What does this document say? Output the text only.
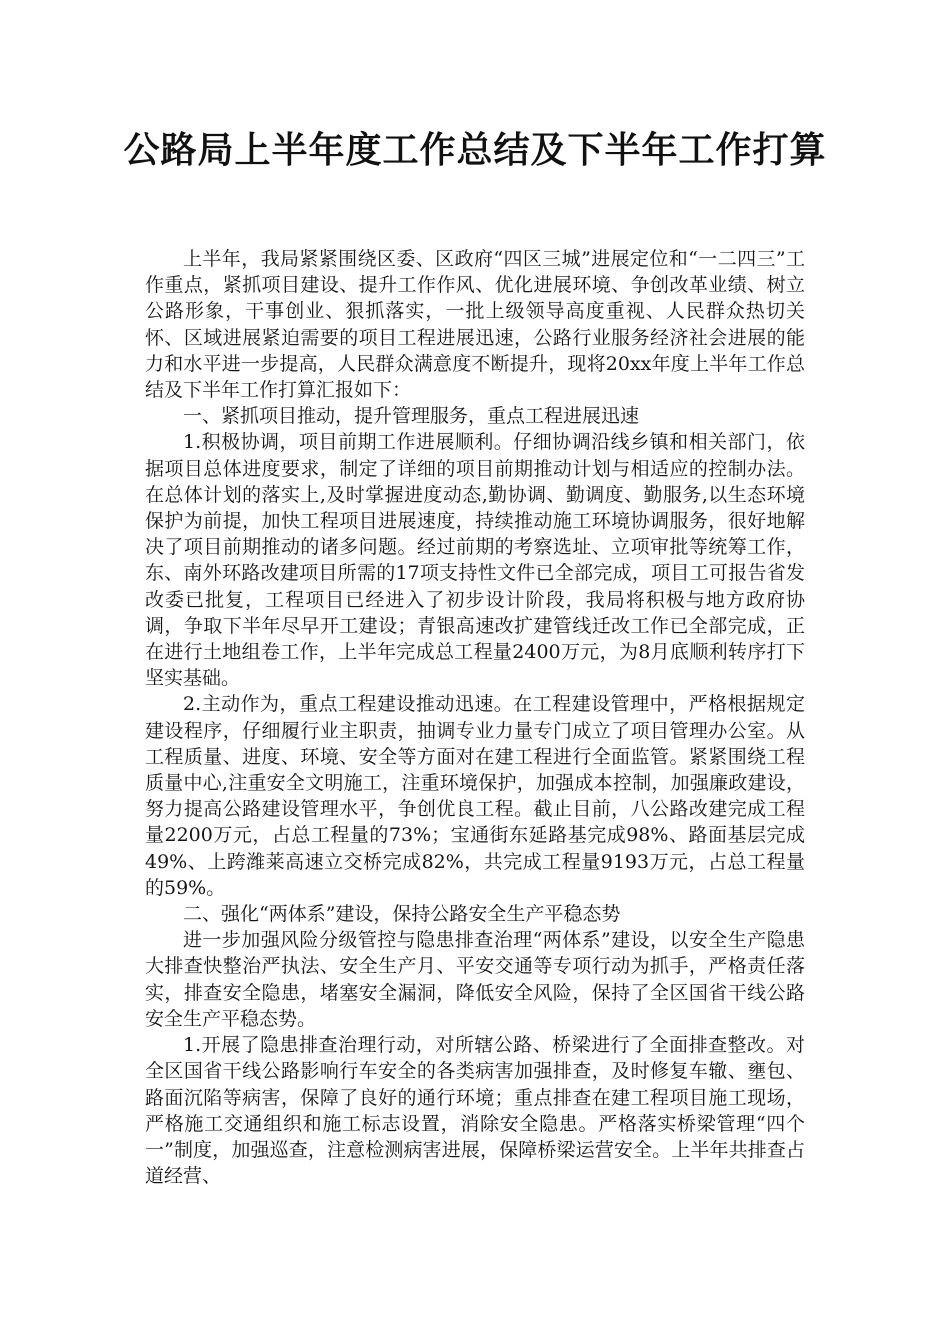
公路局上半年度工作总结及下半年工作打算

上半年，我局紧紧围绕区委、区政府“四区三城”进展定位和“一二四三”工作重点，紧抓项目建设、提升工作作风、优化进展环境、争创改革业绩、树立公路形象，干事创业、狠抓落实，一批上级领导高度重视、人民群众热切关怀、区域进展紧迫需要的项目工程进展迅速，公路行业服务经济社会进展的能力和水平进一步提高，人民群众满意度不断提升，现将20xx年度上半年工作总结及下半年工作打算汇报如下：

一、紧抓项目推动，提升管理服务，重点工程进展迅速

1.积极协调，项目前期工作进展顺利。仔细协调沿线乡镇和相关部门，依据项目总体进度要求，制定了详细的项目前期推动计划与相适应的控制办法。在总体计划的落实上,及时掌握进度动态,勤协调、勤调度、勤服务,以生态环境保护为前提，加快工程项目进展速度，持续推动施工环境协调服务，很好地解决了项目前期推动的诸多问题。经过前期的考察选址、立项审批等统筹工作，东、南外环路改建项目所需的17项支持性文件已全部完成，项目工可报告省发改委已批复，工程项目已经进入了初步设计阶段，我局将积极与地方政府协调，争取下半年尽早开工建设；青银高速改扩建管线迁改工作已全部完成，正在进行土地组卷工作，上半年完成总工程量2400万元，为8月底顺利转序打下坚实基础。

2.主动作为，重点工程建设推动迅速。在工程建设管理中，严格根据规定建设程序，仔细履行业主职责，抽调专业力量专门成立了项目管理办公室。从工程质量、进度、环境、安全等方面对在建工程进行全面监管。紧紧围绕工程质量中心,注重安全文明施工，注重环境保护，加强成本控制，加强廉政建设，努力提高公路建设管理水平，争创优良工程。截止目前，八公路改建完成工程量2200万元，占总工程量的73%；宝通街东延路基完成98%、路面基层完成49%、上跨潍莱高速立交桥完成82%，共完成工程量9193万元，占总工程量的59%。

二、强化“两体系”建设，保持公路安全生产平稳态势

进一步加强风险分级管控与隐患排查治理“两体系”建设，以安全生产隐患大排查快整治严执法、安全生产月、平安交通等专项行动为抓手，严格责任落实，排查安全隐患，堵塞安全漏洞，降低安全风险，保持了全区国省干线公路安全生产平稳态势。

1.开展了隐患排查治理行动，对所辖公路、桥梁进行了全面排查整改。对全区国省干线公路影响行车安全的各类病害加强排查，及时修复车辙、壅包、路面沉陷等病害，保障了良好的通行环境；重点排查在建工程项目施工现场，严格施工交通组织和施工标志设置，消除安全隐患。严格落实桥梁管理“四个一”制度，加强巡查，注意检测病害进展，保障桥梁运营安全。上半年共排查占道经营、
